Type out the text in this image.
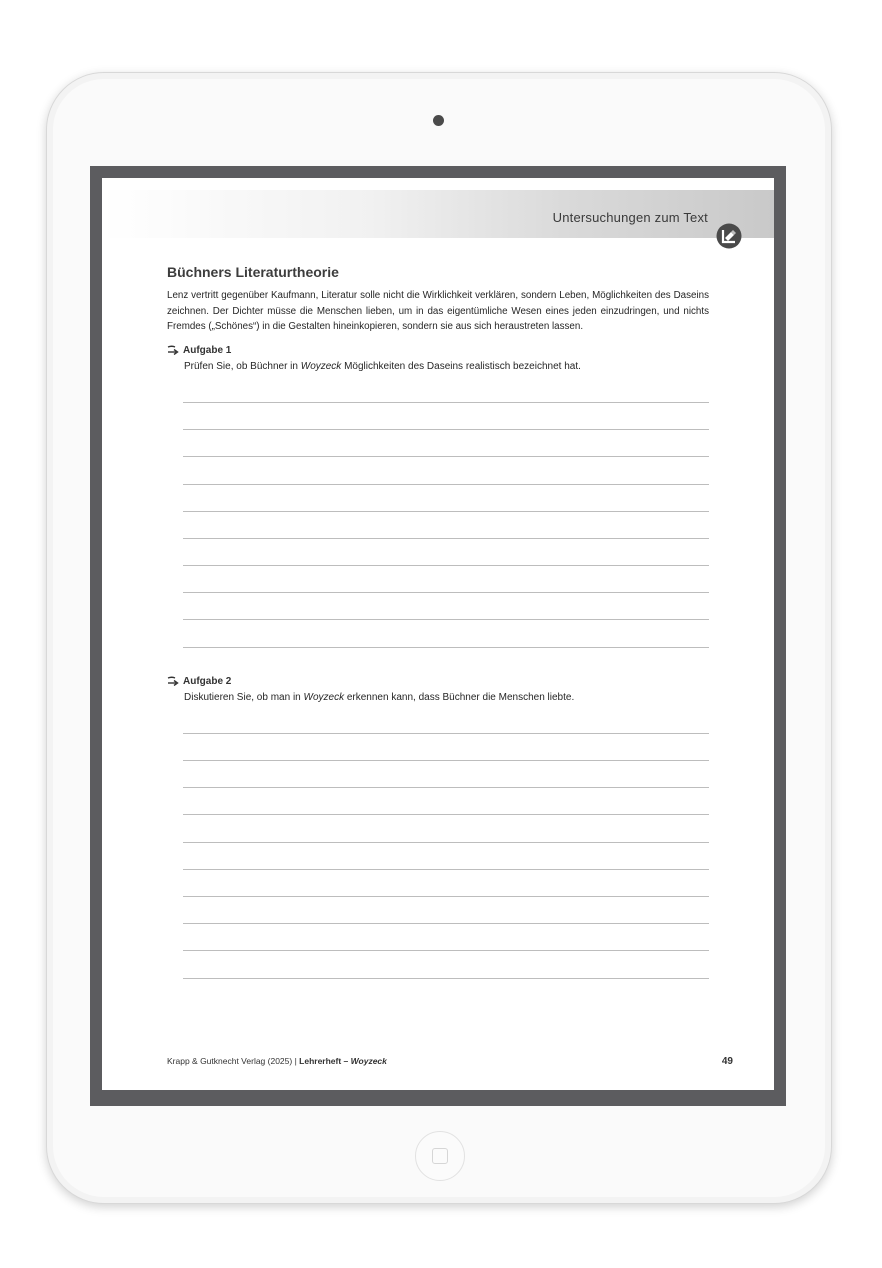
Untersuchungen zum Text
Büchners Literaturtheorie

Lenz vertritt gegenüber Kaufmann, Literatur solle nicht die Wirklichkeit verklären, sondern Leben, Möglichkeiten des Daseins zeichnen. Der Dichter müsse die Menschen lieben, um in das eigentümliche Wesen eines jeden einzudringen, und nichts Fremdes („Schönes“) in die Gestalten hineinkopieren, sondern sie aus sich heraustreten lassen.

Aufgabe 1
Prüfen Sie, ob Büchner in Woyzeck Möglichkeiten des Daseins realistisch bezeichnet hat.
Aufgabe 2
Diskutieren Sie, ob man in Woyzeck erkennen kann, dass Büchner die Menschen liebte.
Krapp & Gutknecht Verlag (2025) | Lehrerheft – Woyzeck	49
